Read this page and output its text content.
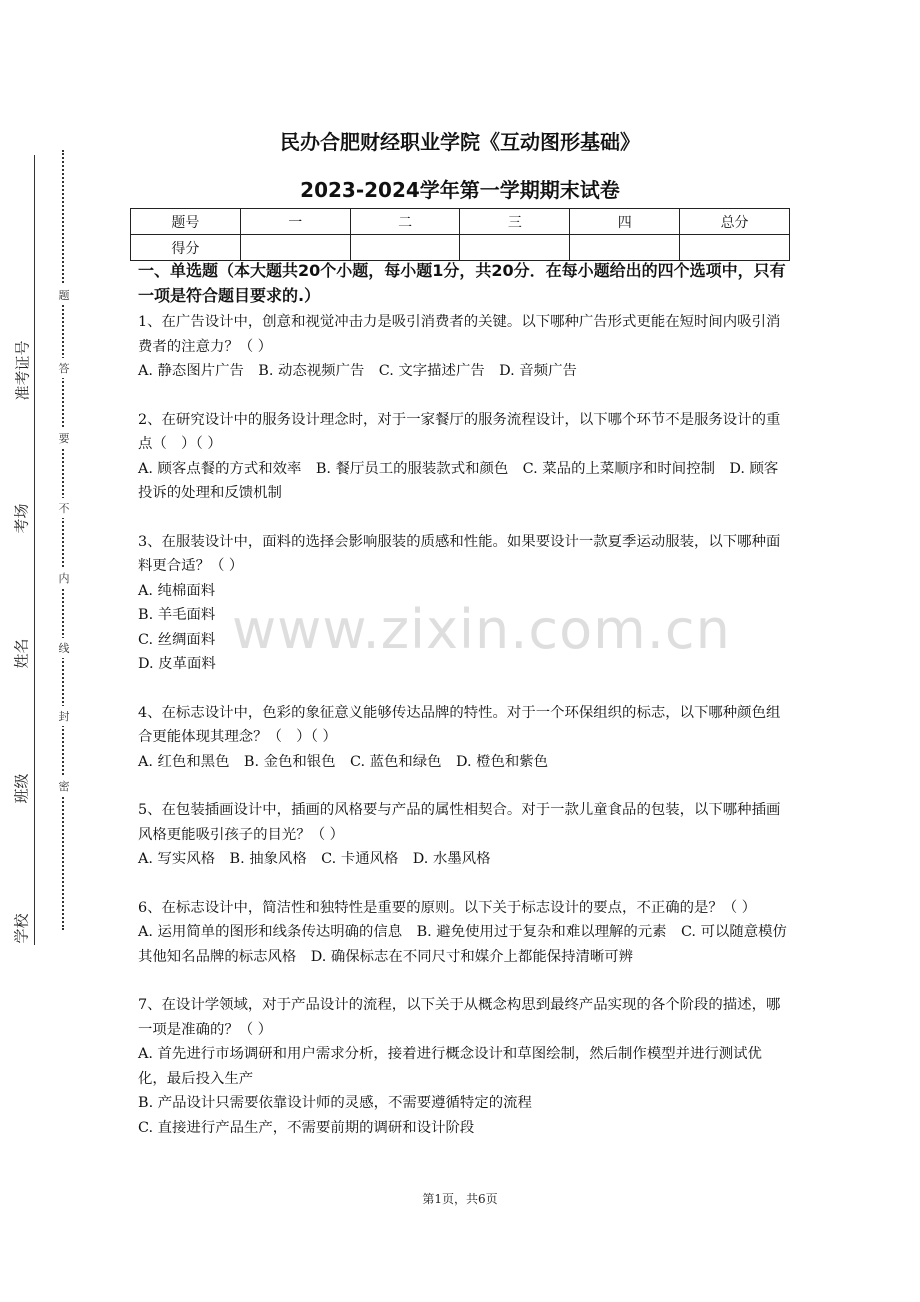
准考证号
考场
姓名
班级
学校
题
答
要
不
内
线
封
密
民办合肥财经职业学院《互动图形基础》
2023-2024学年第一学期期末试卷
题号	一	二	三	四	总分
得分					
www.zixin.com.cn
一、单选题（本大题共20个小题，每小题1分，共20分．在每小题给出的四个选项中，只有一项是符合题目要求的.）
1、在广告设计中，创意和视觉冲击力是吸引消费者的关键。以下哪种广告形式更能在短时间内吸引消费者的注意力？（ ）
A. 静态图片广告　B. 动态视频广告　C. 文字描述广告　D. 音频广告
2、在研究设计中的服务设计理念时，对于一家餐厅的服务流程设计，以下哪个环节不是服务设计的重点（　）（ ）
A. 顾客点餐的方式和效率　B. 餐厅员工的服装款式和颜色　C. 菜品的上菜顺序和时间控制　D. 顾客投诉的处理和反馈机制
3、在服装设计中，面料的选择会影响服装的质感和性能。如果要设计一款夏季运动服装，以下哪种面料更合适？（ ）
A. 纯棉面料
B. 羊毛面料
C. 丝绸面料
D. 皮革面料
4、在标志设计中，色彩的象征意义能够传达品牌的特性。对于一个环保组织的标志，以下哪种颜色组合更能体现其理念？（　）（ ）
A. 红色和黑色　B. 金色和银色　C. 蓝色和绿色　D. 橙色和紫色
5、在包装插画设计中，插画的风格要与产品的属性相契合。对于一款儿童食品的包装，以下哪种插画风格更能吸引孩子的目光？（ ）
A. 写实风格　B. 抽象风格　C. 卡通风格　D. 水墨风格
6、在标志设计中，简洁性和独特性是重要的原则。以下关于标志设计的要点，不正确的是？（ ）
A. 运用简单的图形和线条传达明确的信息　B. 避免使用过于复杂和难以理解的元素　C. 可以随意模仿其他知名品牌的标志风格　D. 确保标志在不同尺寸和媒介上都能保持清晰可辨
7、在设计学领域，对于产品设计的流程，以下关于从概念构思到最终产品实现的各个阶段的描述，哪一项是准确的？（ ）
A. 首先进行市场调研和用户需求分析，接着进行概念设计和草图绘制，然后制作模型并进行测试优化，最后投入生产
B. 产品设计只需要依靠设计师的灵感，不需要遵循特定的流程
C. 直接进行产品生产，不需要前期的调研和设计阶段
第1页，共6页
